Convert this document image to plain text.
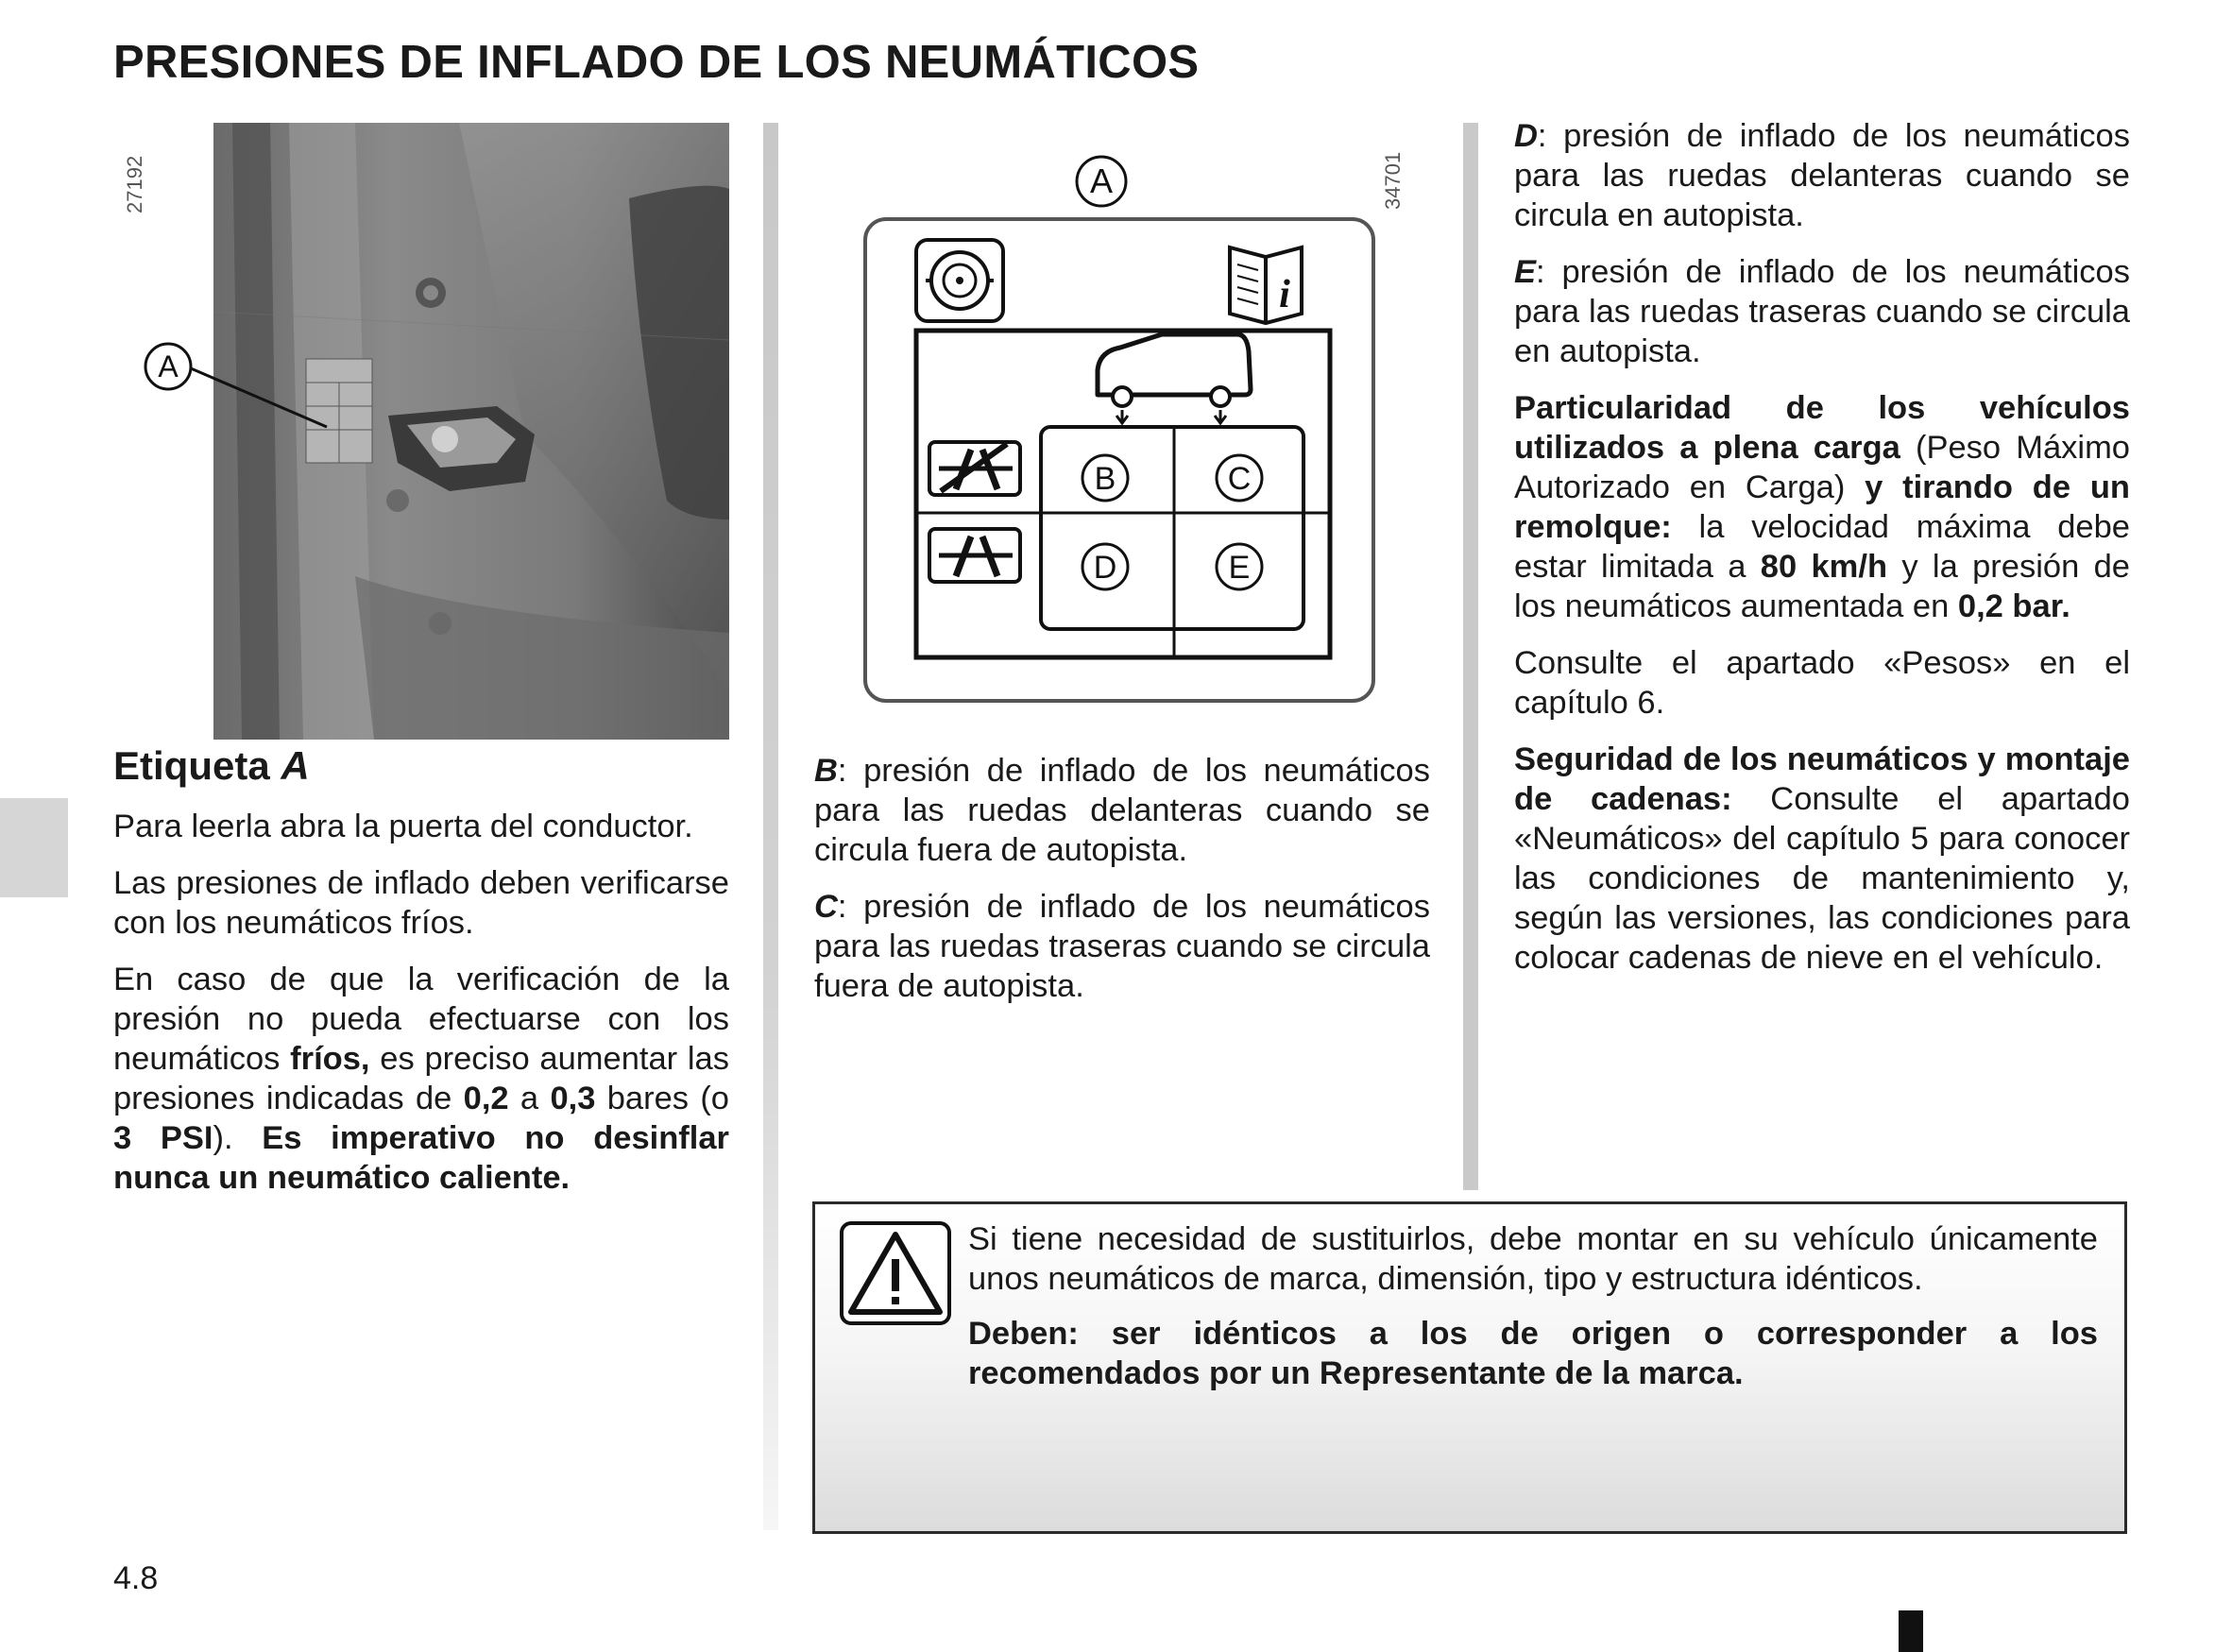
PRESIONES DE INFLADO DE LOS NEUMÁTICOS
27192
A
Etiqueta A

Para leerla abra la puerta del conductor.

Las presiones de inflado deben verificarse con los neumáticos fríos.

En caso de que la verificación de la presión no pueda efectuarse con los neumáticos fríos, es preciso aumentar las presiones indicadas de 0,2 a 0,3 bares (o 3 PSI). Es imperativo no desinflar nunca un neumático caliente.

34701
A
i
B	C
D	E

B: presión de inflado de los neumáticos para las ruedas delanteras cuando se circula fuera de autopista.

C: presión de inflado de los neumáticos para las ruedas traseras cuando se circula fuera de autopista.

D: presión de inflado de los neumáticos para las ruedas delanteras cuando se circula en autopista.

E: presión de inflado de los neumáticos para las ruedas traseras cuando se circula en autopista.

Particularidad de los vehículos utilizados a plena carga (Peso Máximo Autorizado en Carga) y tirando de un remolque: la velocidad máxima debe estar limitada a 80 km/h y la presión de los neumáticos aumentada en 0,2 bar.

Consulte el apartado «Pesos» en el capítulo 6.

Seguridad de los neumáticos y montaje de cadenas: Consulte el apartado «Neumáticos» del capítulo 5 para conocer las condiciones de mantenimiento y, según las versiones, las condiciones para colocar cadenas de nieve en el vehículo.

Si tiene necesidad de sustituirlos, debe montar en su vehículo únicamente unos neumáticos de marca, dimensión, tipo y estructura idénticos.

Deben: ser idénticos a los de origen o corresponder a los recomendados por un Representante de la marca.

4.8
